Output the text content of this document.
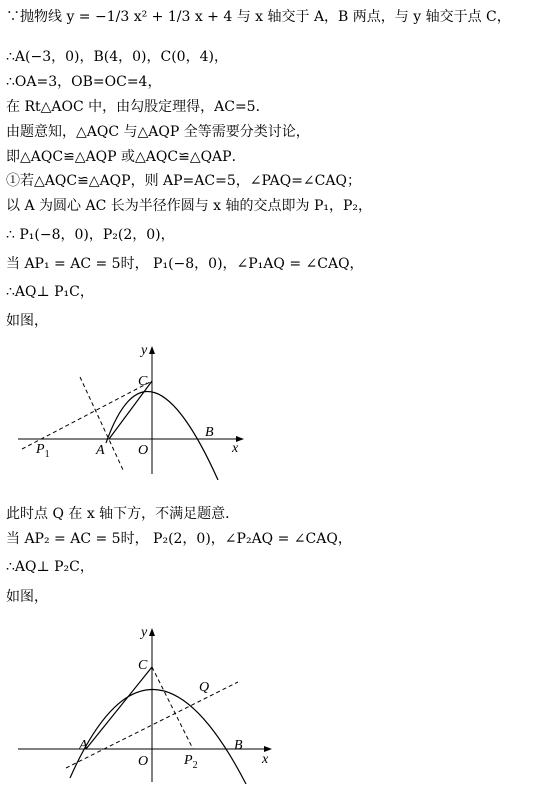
∵抛物线 y = −1/3 x² + 1/3 x + 4 与 x 轴交于 A，B 两点，与 y 轴交于点 C，
∴A(−3，0)，B(4，0)，C(0，4)，
∴OA=3，OB=OC=4，
在 Rt△AOC 中，由勾股定理得，AC=5．
由题意知，△AQC 与△AQP 全等需要分类讨论，
即△AQC≌△AQP 或△AQC≌△QAP．
①若△AQC≌△AQP，则 AP=AC=5，∠PAQ=∠CAQ；
以 A 为圆心 AC 长为半径作圆与 x 轴的交点即为 P₁，P₂，
∴ P₁(−8，0)，P₂(2，0)，
当 AP₁ = AC = 5时， P₁(−8，0)，∠P₁AQ = ∠CAQ，
∴AQ⊥ P₁C，
如图，
y
C
B
O
A	x
$P_1$
此时点 Q 在 x 轴下方，不满足题意．
当 AP₂ = AC = 5时， P₂(2，0)，∠P₂AQ = ∠CAQ，
∴AQ⊥ P₂C，
如图，
y
C
Q
B
O
A
x
$P_2$
